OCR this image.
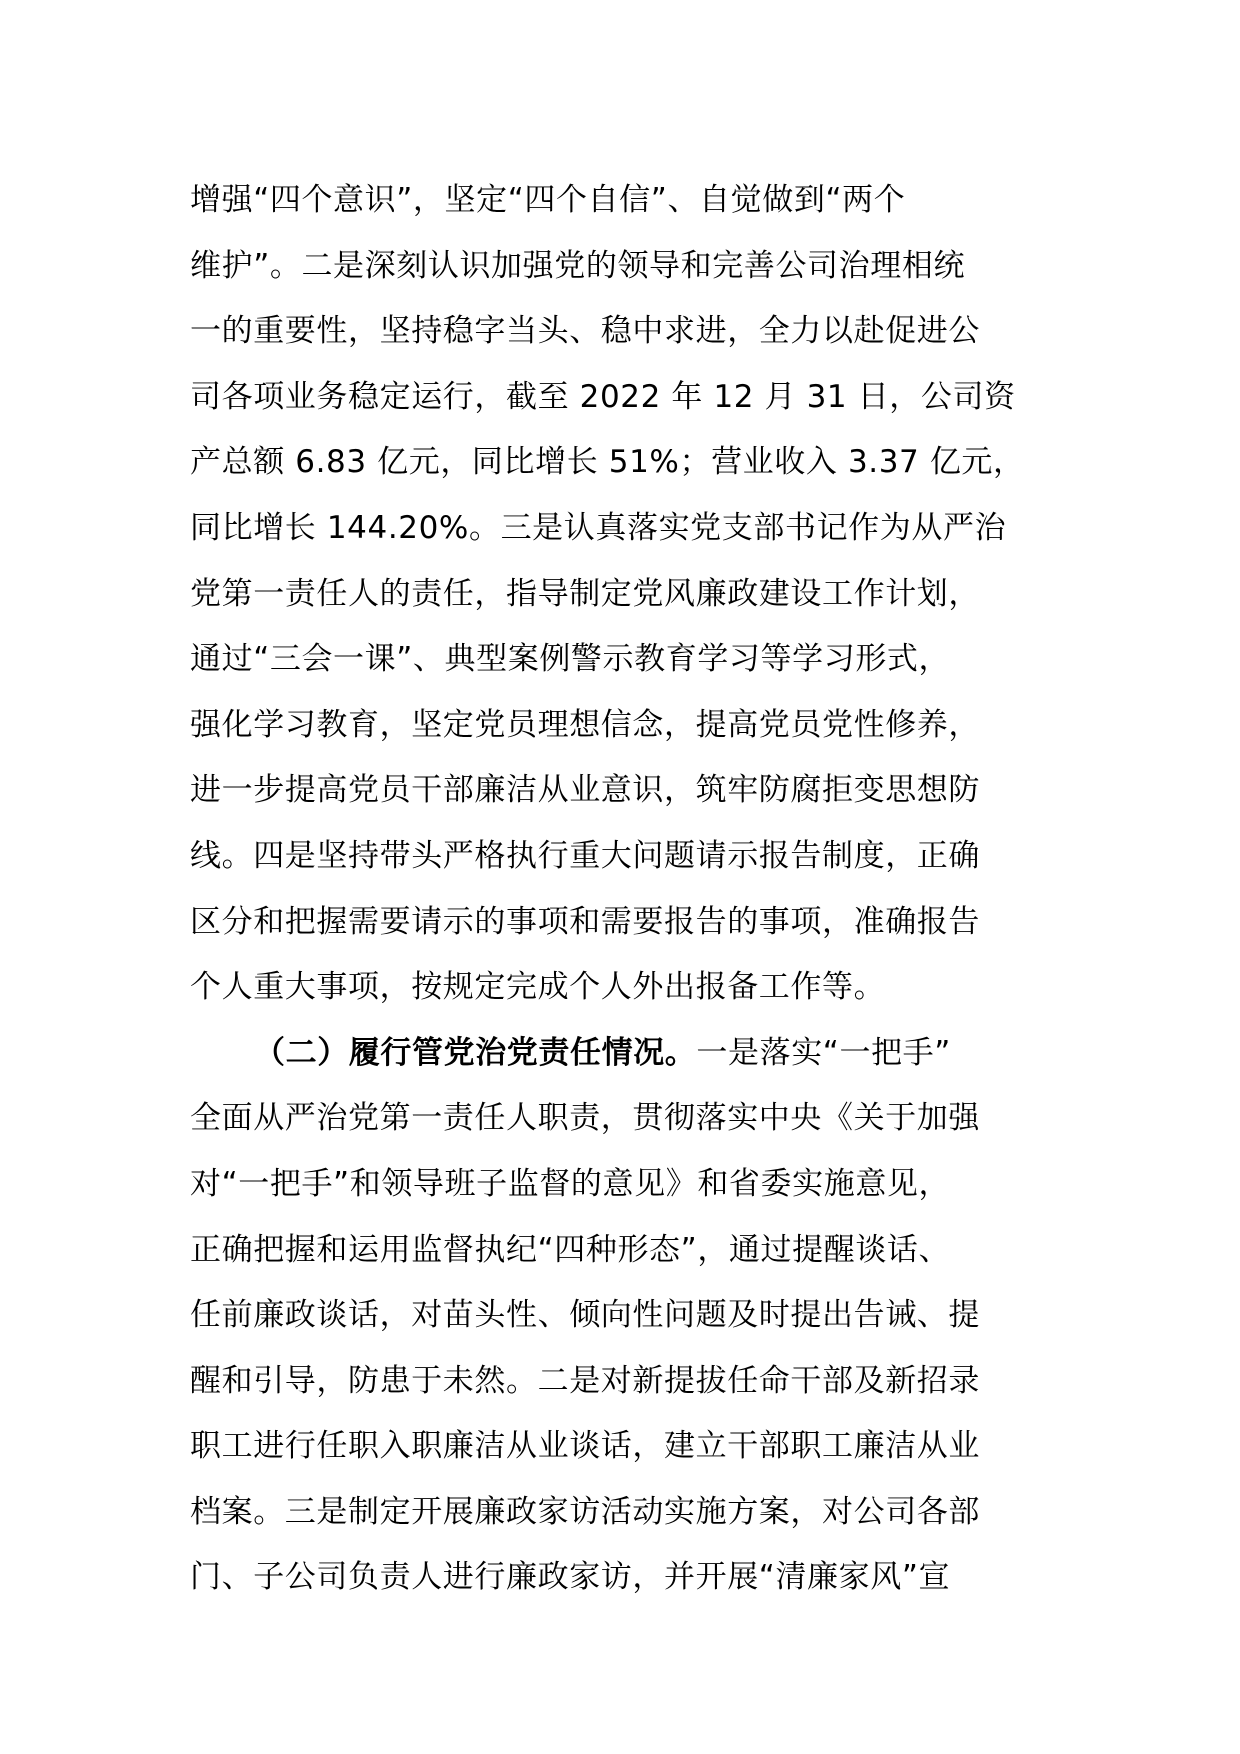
增强“四个意识”，坚定“四个自信”、自觉做到“两个
维护”。二是深刻认识加强党的领导和完善公司治理相统
一的重要性，坚持稳字当头、稳中求进，全力以赴促进公
司各项业务稳定运行，截至 2022 年 12 月 31 日，公司资
产总额 6.83 亿元，同比增长 51%；营业收入 3.37 亿元，
同比增长 144.20%。三是认真落实党支部书记作为从严治
党第一责任人的责任，指导制定党风廉政建设工作计划，
通过“三会一课”、典型案例警示教育学习等学习形式，
强化学习教育，坚定党员理想信念，提高党员党性修养，
进一步提高党员干部廉洁从业意识，筑牢防腐拒变思想防
线。四是坚持带头严格执行重大问题请示报告制度，正确
区分和把握需要请示的事项和需要报告的事项，准确报告
个人重大事项，按规定完成个人外出报备工作等。
（二）履行管党治党责任情况。一是落实“一把手”
全面从严治党第一责任人职责，贯彻落实中央《关于加强
对“一把手”和领导班子监督的意见》和省委实施意见，
正确把握和运用监督执纪“四种形态”，通过提醒谈话、
任前廉政谈话，对苗头性、倾向性问题及时提出告诫、提
醒和引导，防患于未然。二是对新提拔任命干部及新招录
职工进行任职入职廉洁从业谈话，建立干部职工廉洁从业
档案。三是制定开展廉政家访活动实施方案，对公司各部
门、子公司负责人进行廉政家访，并开展“清廉家风”宣
